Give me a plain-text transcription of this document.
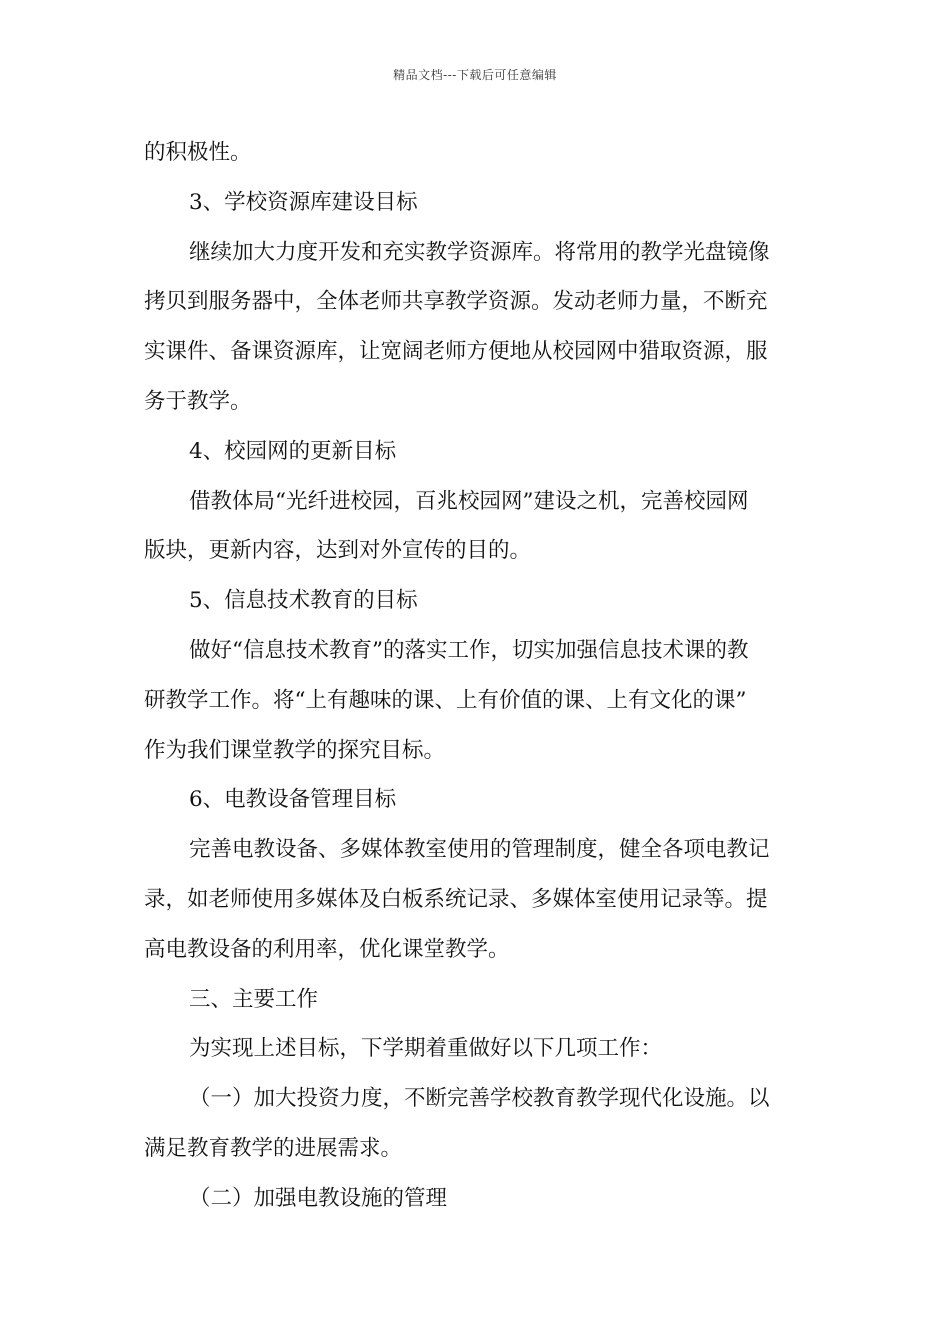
精品文档---下载后可任意编辑
的积极性。
3、学校资源库建设目标
继续加大力度开发和充实教学资源库。将常用的教学光盘镜像
拷贝到服务器中，全体老师共享教学资源。发动老师力量，不断充
实课件、备课资源库，让宽阔老师方便地从校园网中猎取资源，服
务于教学。
4、校园网的更新目标
借教体局“光纤进校园，百兆校园网”建设之机，完善校园网
版块，更新内容，达到对外宣传的目的。
5、信息技术教育的目标
做好“信息技术教育”的落实工作，切实加强信息技术课的教
研教学工作。将“上有趣味的课、上有价值的课、上有文化的课”
作为我们课堂教学的探究目标。
6、电教设备管理目标
完善电教设备、多媒体教室使用的管理制度，健全各项电教记
录，如老师使用多媒体及白板系统记录、多媒体室使用记录等。提
高电教设备的利用率，优化课堂教学。
三、主要工作
为实现上述目标，下学期着重做好以下几项工作：
（一）加大投资力度，不断完善学校教育教学现代化设施。以
满足教育教学的进展需求。
（二）加强电教设施的管理
